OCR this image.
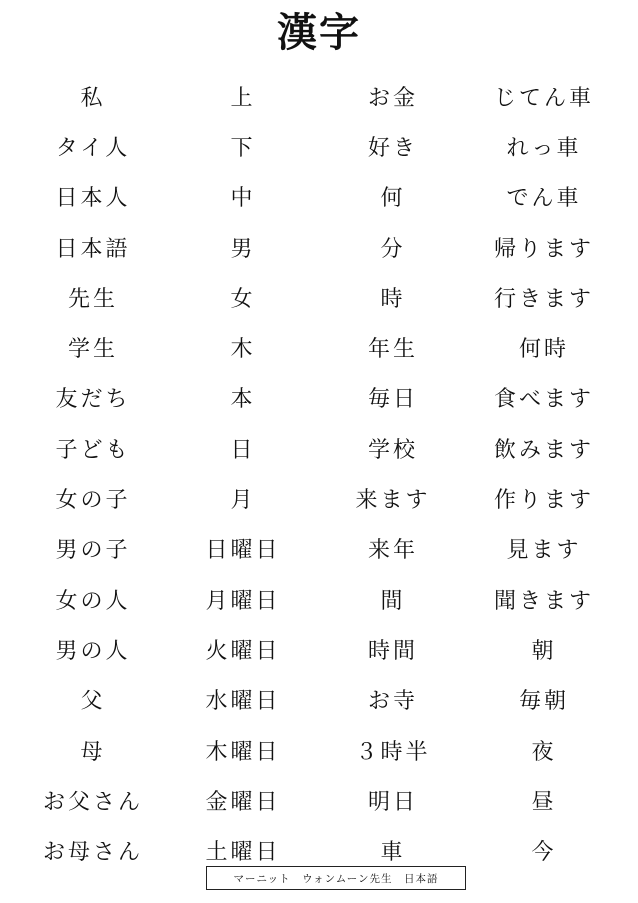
漢字
私	上	お金	じてん車
タイ人	下	好き	れっ車
日本人	中	何	でん車
日本語	男	分	帰ります
先生	女	時	行きます
学生	木	年生	何時
友だち	本	毎日	食べます
子ども	日	学校	飲みます
女の子	月	来ます	作ります
男の子	日曜日	来年	見ます
女の人	月曜日	間	聞きます
男の人	火曜日	時間	朝
父	水曜日	お寺	毎朝
母	木曜日	３時半	夜
お父さん	金曜日	明日	昼
お母さん	土曜日	車	今
マーニット　ウォンムーン先生　日本語
